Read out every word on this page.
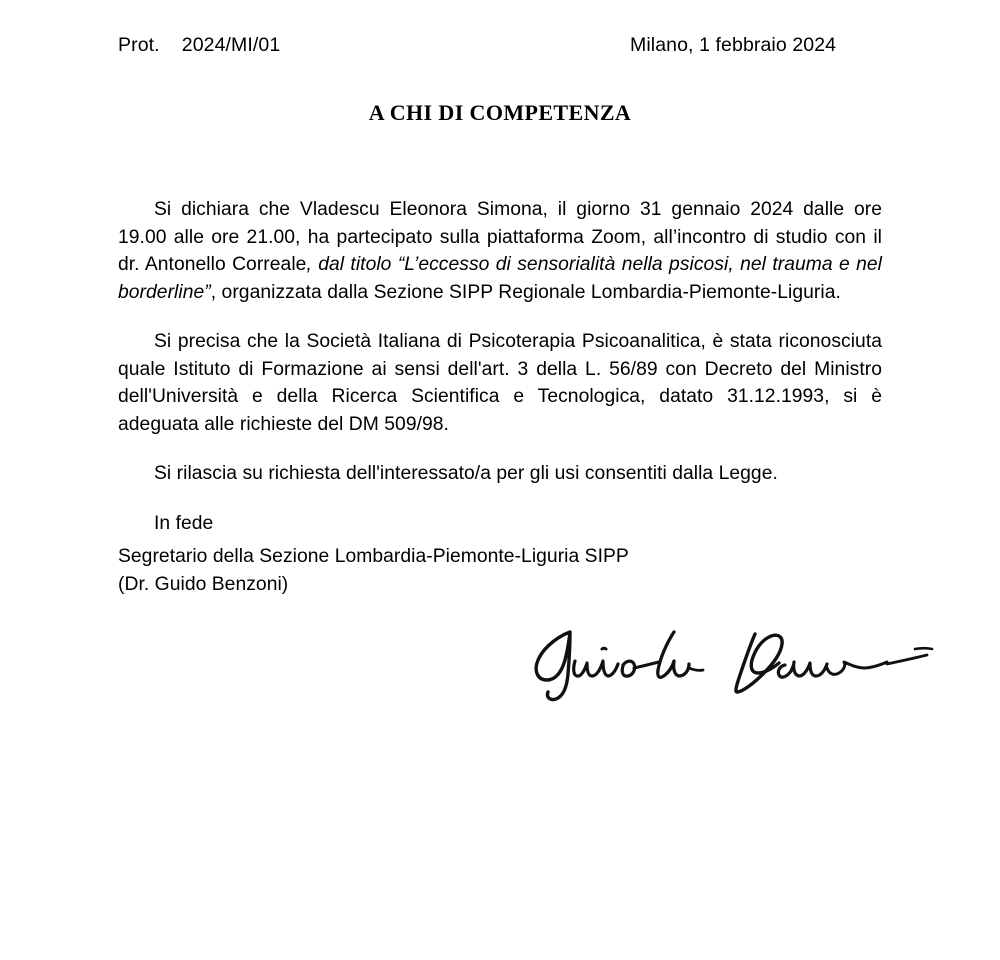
Prot.    2024/MI/01	Milano, 1 febbraio 2024
A CHI DI COMPETENZA

Si dichiara che Vladescu Eleonora Simona, il giorno 31 gennaio 2024 dalle ore 19.00 alle ore 21.00, ha partecipato sulla piattaforma Zoom, all’incontro di studio con il dr. Antonello Correale, dal titolo “L’eccesso di sensorialità nella psicosi, nel trauma e nel borderline”, organizzata dalla Sezione SIPP Regionale Lombardia-Piemonte-Liguria.

Si precisa che la Società Italiana di Psicoterapia Psicoanalitica, è stata riconosciuta quale Istituto di Formazione ai sensi dell'art. 3 della L. 56/89 con Decreto del Ministro dell'Università e della Ricerca Scientifica e Tecnologica, datato 31.12.1993, si è adeguata alle richieste del DM 509/98.

Si rilascia su richiesta dell'interessato/a per gli usi consentiti dalla Legge.

In fede

Segretario della Sezione Lombardia-Piemonte-Liguria SIPP
(Dr. Guido Benzoni)
